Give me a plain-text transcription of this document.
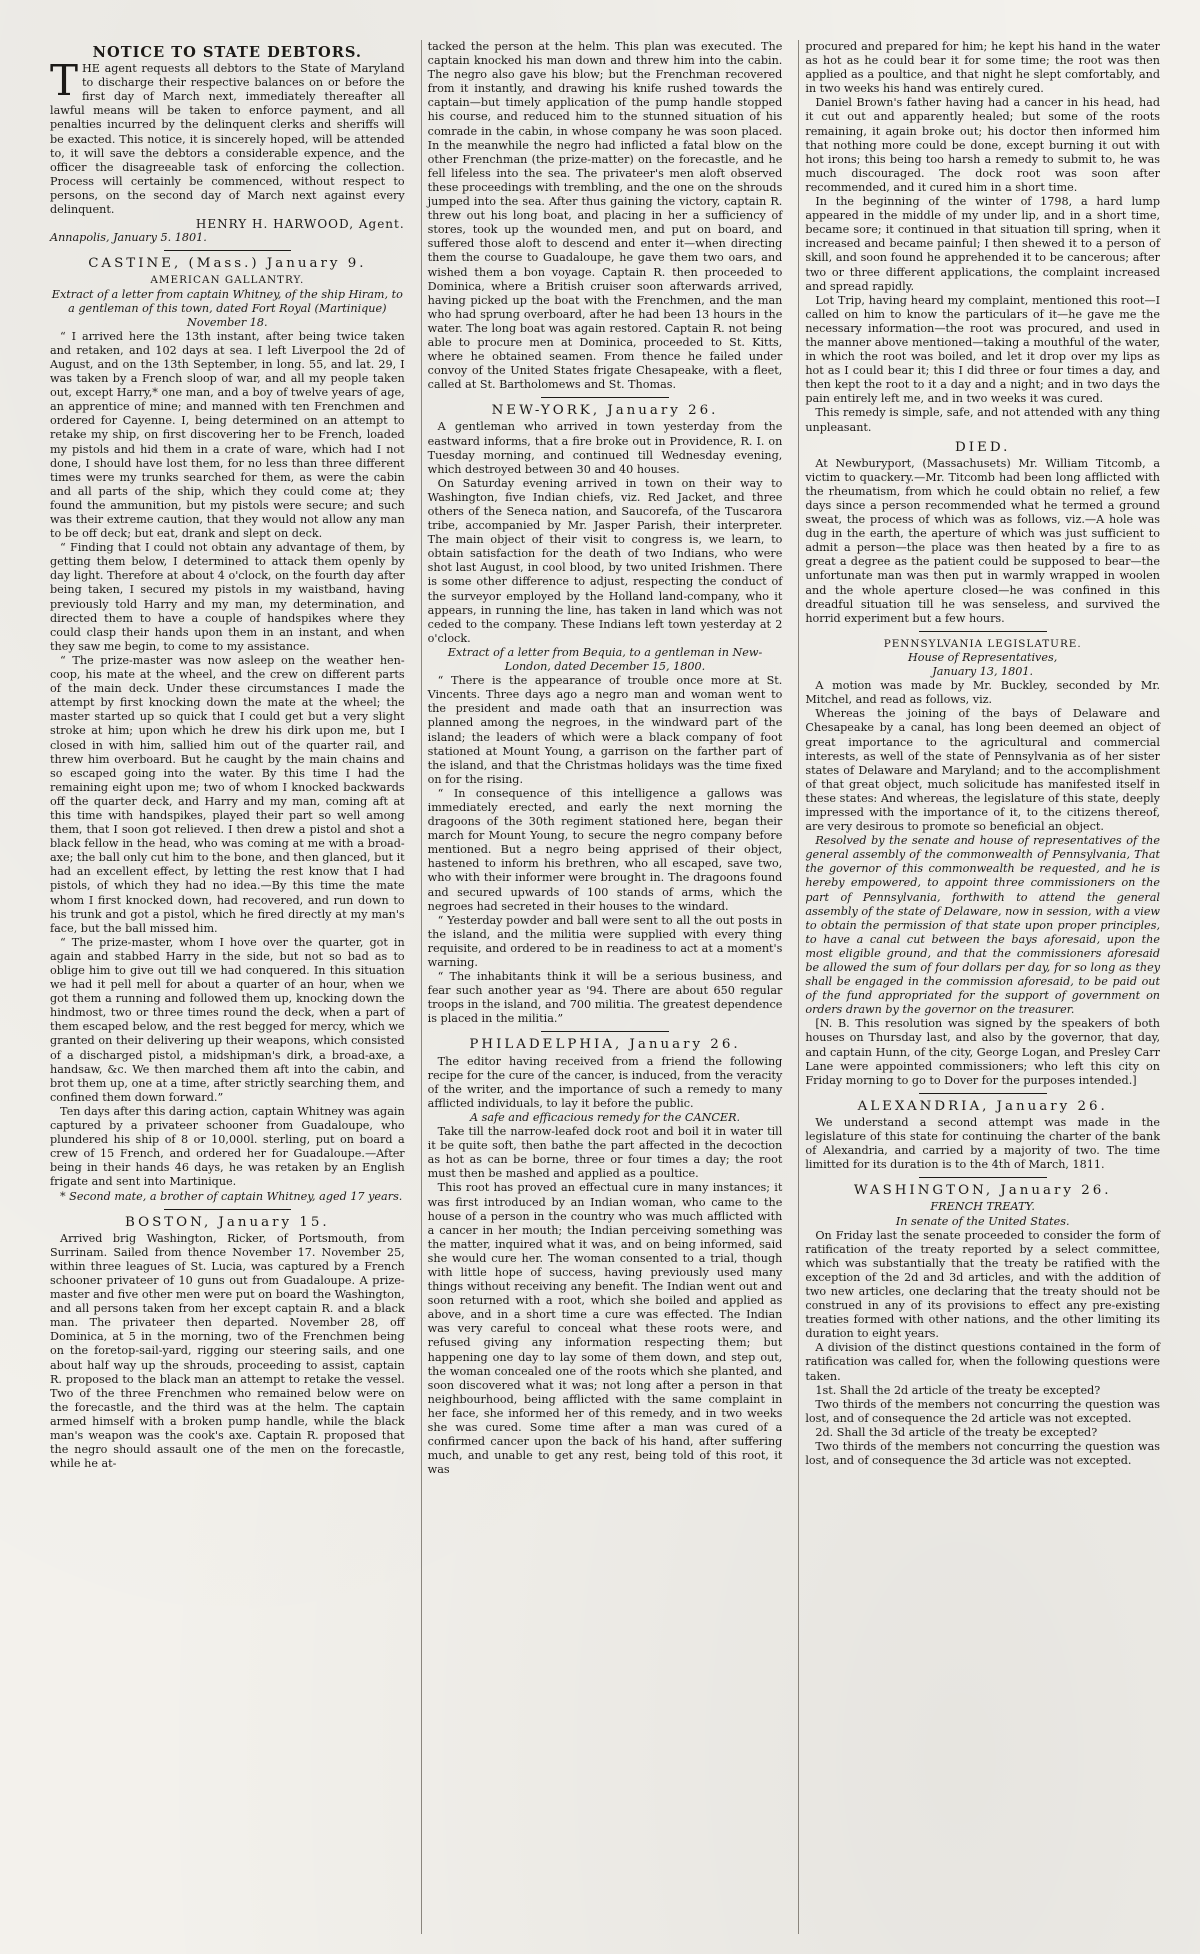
NOTICE TO STATE DEBTORS.

THE agent requests all debtors to the State of Maryland to discharge their respective balances on or before the first day of March next, immediately thereafter all lawful means will be taken to enforce payment, and all penalties incurred by the delinquent clerks and sheriffs will be exacted. This notice, it is sincerely hoped, will be attended to, it will save the debtors a considerable expence, and the officer the disagreeable task of enforcing the collection. Process will certainly be commenced, without respect to persons, on the second day of March next against every delinquent.

HENRY H. HARWOOD, Agent.

Annapolis, January 5. 1801.

CASTINE, (Mass.) January 9.
AMERICAN GALLANTRY.

Extract of a letter from captain Whitney, of the ship Hiram, to a gentleman of this town, dated Fort Royal (Martinique) November 18.

“ I arrived here the 13th instant, after being twice taken and retaken, and 102 days at sea. I left Liverpool the 2d of August, and on the 13th September, in long. 55, and lat. 29, I was taken by a French sloop of war, and all my people taken out, except Harry,* one man, and a boy of twelve years of age, an apprentice of mine; and manned with ten Frenchmen and ordered for Cayenne. I, being determined on an attempt to retake my ship, on first discovering her to be French, loaded my pistols and hid them in a crate of ware, which had I not done, I should have lost them, for no less than three different times were my trunks searched for them, as were the cabin and all parts of the ship, which they could come at; they found the ammunition, but my pistols were secure; and such was their extreme caution, that they would not allow any man to be off deck; but eat, drank and slept on deck.

“ Finding that I could not obtain any advantage of them, by getting them below, I determined to attack them openly by day light. Therefore at about 4 o'clock, on the fourth day after being taken, I secured my pistols in my waistband, having previously told Harry and my man, my determination, and directed them to have a couple of handspikes where they could clasp their hands upon them in an instant, and when they saw me begin, to come to my assistance.

“ The prize-master was now asleep on the weather hen-coop, his mate at the wheel, and the crew on different parts of the main deck. Under these circumstances I made the attempt by first knocking down the mate at the wheel; the master started up so quick that I could get but a very slight stroke at him; upon which he drew his dirk upon me, but I closed in with him, sallied him out of the quarter rail, and threw him overboard. But he caught by the main chains and so escaped going into the water. By this time I had the remaining eight upon me; two of whom I knocked backwards off the quarter deck, and Harry and my man, coming aft at this time with handspikes, played their part so well among them, that I soon got relieved. I then drew a pistol and shot a black fellow in the head, who was coming at me with a broad-axe; the ball only cut him to the bone, and then glanced, but it had an excellent effect, by letting the rest know that I had pistols, of which they had no idea.—By this time the mate whom I first knocked down, had recovered, and run down to his trunk and got a pistol, which he fired directly at my man's face, but the ball missed him.

“ The prize-master, whom I hove over the quarter, got in again and stabbed Harry in the side, but not so bad as to oblige him to give out till we had conquered. In this situation we had it pell mell for about a quarter of an hour, when we got them a running and followed them up, knocking down the hindmost, two or three times round the deck, when a part of them escaped below, and the rest begged for mercy, which we granted on their delivering up their weapons, which consisted of a discharged pistol, a midshipman's dirk, a broad-axe, a handsaw, &c. We then marched them aft into the cabin, and brot them up, one at a time, after strictly searching them, and confined them down forward.”

Ten days after this daring action, captain Whitney was again captured by a privateer schooner from Guadaloupe, who plundered his ship of 8 or 10,000l. sterling, put on board a crew of 15 French, and ordered her for Guadaloupe.—After being in their hands 46 days, he was retaken by an English frigate and sent into Martinique.

* Second mate, a brother of captain Whitney, aged 17 years.

BOSTON, January 15.

Arrived brig Washington, Ricker, of Portsmouth, from Surrinam. Sailed from thence November 17. November 25, within three leagues of St. Lucia, was captured by a French schooner privateer of 10 guns out from Guadaloupe. A prize-master and five other men were put on board the Washington, and all persons taken from her except captain R. and a black man. The privateer then departed. November 28, off Dominica, at 5 in the morning, two of the Frenchmen being on the foretop-sail-yard, rigging our steering sails, and one about half way up the shrouds, proceeding to assist, captain R. proposed to the black man an attempt to retake the vessel. Two of the three Frenchmen who remained below were on the forecastle, and the third was at the helm. The captain armed himself with a broken pump handle, while the black man's weapon was the cook's axe. Captain R. proposed that the negro should assault one of the men on the forecastle, while he at-

tacked the person at the helm. This plan was executed. The captain knocked his man down and threw him into the cabin. The negro also gave his blow; but the Frenchman recovered from it instantly, and drawing his knife rushed towards the captain—but timely application of the pump handle stopped his course, and reduced him to the stunned situation of his comrade in the cabin, in whose company he was soon placed. In the meanwhile the negro had inflicted a fatal blow on the other Frenchman (the prize-matter) on the forecastle, and he fell lifeless into the sea. The privateer's men aloft observed these proceedings with trembling, and the one on the shrouds jumped into the sea. After thus gaining the victory, captain R. threw out his long boat, and placing in her a sufficiency of stores, took up the wounded men, and put on board, and suffered those aloft to descend and enter it—when directing them the course to Guadaloupe, he gave them two oars, and wished them a bon voyage. Captain R. then proceeded to Dominica, where a British cruiser soon afterwards arrived, having picked up the boat with the Frenchmen, and the man who had sprung overboard, after he had been 13 hours in the water. The long boat was again restored. Captain R. not being able to procure men at Dominica, proceeded to St. Kitts, where he obtained seamen. From thence he failed under convoy of the United States frigate Chesapeake, with a fleet, called at St. Bartholomews and St. Thomas.

NEW-YORK, January 26.

A gentleman who arrived in town yesterday from the eastward informs, that a fire broke out in Providence, R. I. on Tuesday morning, and continued till Wednesday evening, which destroyed between 30 and 40 houses.

On Saturday evening arrived in town on their way to Washington, five Indian chiefs, viz. Red Jacket, and three others of the Seneca nation, and Saucorefa, of the Tuscarora tribe, accompanied by Mr. Jasper Parish, their interpreter. The main object of their visit to congress is, we learn, to obtain satisfaction for the death of two Indians, who were shot last August, in cool blood, by two united Irishmen. There is some other difference to adjust, respecting the conduct of the surveyor employed by the Holland land-company, who it appears, in running the line, has taken in land which was not ceded to the company. These Indians left town yesterday at 2 o'clock.

Extract of a letter from Bequia, to a gentleman in New-London, dated December 15, 1800.

“ There is the appearance of trouble once more at St. Vincents. Three days ago a negro man and woman went to the president and made oath that an insurrection was planned among the negroes, in the windward part of the island; the leaders of which were a black company of foot stationed at Mount Young, a garrison on the farther part of the island, and that the Christmas holidays was the time fixed on for the rising.

“ In consequence of this intelligence a gallows was immediately erected, and early the next morning the dragoons of the 30th regiment stationed here, began their march for Mount Young, to secure the negro company before mentioned. But a negro being apprised of their object, hastened to inform his brethren, who all escaped, save two, who with their informer were brought in. The dragoons found and secured upwards of 100 stands of arms, which the negroes had secreted in their houses to the windard.

“ Yesterday powder and ball were sent to all the out posts in the island, and the militia were supplied with every thing requisite, and ordered to be in readiness to act at a moment's warning.

“ The inhabitants think it will be a serious business, and fear such another year as '94. There are about 650 regular troops in the island, and 700 militia. The greatest dependence is placed in the militia.”

PHILADELPHIA, January 26.

The editor having received from a friend the following recipe for the cure of the cancer, is induced, from the veracity of the writer, and the importance of such a remedy to many afflicted individuals, to lay it before the public.

A safe and efficacious remedy for the CANCER.

Take till the narrow-leafed dock root and boil it in water till it be quite soft, then bathe the part affected in the decoction as hot as can be borne, three or four times a day; the root must then be mashed and applied as a poultice.

This root has proved an effectual cure in many instances; it was first introduced by an Indian woman, who came to the house of a person in the country who was much afflicted with a cancer in her mouth; the Indian perceiving something was the matter, inquired what it was, and on being informed, said she would cure her. The woman consented to a trial, though with little hope of success, having previously used many things without receiving any benefit. The Indian went out and soon returned with a root, which she boiled and applied as above, and in a short time a cure was effected. The Indian was very careful to conceal what these roots were, and refused giving any information respecting them; but happening one day to lay some of them down, and step out, the woman concealed one of the roots which she planted, and soon discovered what it was; not long after a person in that neighbourhood, being afflicted with the same complaint in her face, she informed her of this remedy, and in two weeks she was cured. Some time after a man was cured of a confirmed cancer upon the back of his hand, after suffering much, and unable to get any rest, being told of this root, it was

procured and prepared for him; he kept his hand in the water as hot as he could bear it for some time; the root was then applied as a poultice, and that night he slept comfortably, and in two weeks his hand was entirely cured.

Daniel Brown's father having had a cancer in his head, had it cut out and apparently healed; but some of the roots remaining, it again broke out; his doctor then informed him that nothing more could be done, except burning it out with hot irons; this being too harsh a remedy to submit to, he was much discouraged. The dock root was soon after recommended, and it cured him in a short time.

In the beginning of the winter of 1798, a hard lump appeared in the middle of my under lip, and in a short time, became sore; it continued in that situation till spring, when it increased and became painful; I then shewed it to a person of skill, and soon found he apprehended it to be cancerous; after two or three different applications, the complaint increased and spread rapidly.

Lot Trip, having heard my complaint, mentioned this root—I called on him to know the particulars of it—he gave me the necessary information—the root was procured, and used in the manner above mentioned—taking a mouthful of the water, in which the root was boiled, and let it drop over my lips as hot as I could bear it; this I did three or four times a day, and then kept the root to it a day and a night; and in two days the pain entirely left me, and in two weeks it was cured.

This remedy is simple, safe, and not attended with any thing unpleasant.

DIED.

At Newburyport, (Massachusets) Mr. William Titcomb, a victim to quackery.—Mr. Titcomb had been long afflicted with the rheumatism, from which he could obtain no relief, a few days since a person recommended what he termed a ground sweat, the process of which was as follows, viz.—A hole was dug in the earth, the aperture of which was just sufficient to admit a person—the place was then heated by a fire to as great a degree as the patient could be supposed to bear—the unfortunate man was then put in warmly wrapped in woolen and the whole aperture closed—he was confined in this dreadful situation till he was senseless, and survived the horrid experiment but a few hours.

PENNSYLVANIA LEGISLATURE.

House of Representatives,

January 13, 1801.

A motion was made by Mr. Buckley, seconded by Mr. Mitchel, and read as follows, viz.

Whereas the joining of the bays of Delaware and Chesapeake by a canal, has long been deemed an object of great importance to the agricultural and commercial interests, as well of the state of Pennsylvania as of her sister states of Delaware and Maryland; and to the accomplishment of that great object, much solicitude has manifested itself in these states: And whereas, the legislature of this state, deeply impressed with the importance of it, to the citizens thereof, are very desirous to promote so beneficial an object.

Resolved by the senate and house of representatives of the general assembly of the commonwealth of Pennsylvania, That the governor of this commonwealth be requested, and he is hereby empowered, to appoint three commissioners on the part of Pennsylvania, forthwith to attend the general assembly of the state of Delaware, now in session, with a view to obtain the permission of that state upon proper principles, to have a canal cut between the bays aforesaid, upon the most eligible ground, and that the commissioners aforesaid be allowed the sum of four dollars per day, for so long as they shall be engaged in the commission aforesaid, to be paid out of the fund appropriated for the support of government on orders drawn by the governor on the treasurer.

[N. B. This resolution was signed by the speakers of both houses on Thursday last, and also by the governor, that day, and captain Hunn, of the city, George Logan, and Presley Carr Lane were appointed commissioners; who left this city on Friday morning to go to Dover for the purposes intended.]

ALEXANDRIA, January 26.

We understand a second attempt was made in the legislature of this state for continuing the charter of the bank of Alexandria, and carried by a majority of two. The time limitted for its duration is to the 4th of March, 1811.

WASHINGTON, January 26.

FRENCH TREATY.

In senate of the United States.

On Friday last the senate proceeded to consider the form of ratification of the treaty reported by a select committee, which was substantially that the treaty be ratified with the exception of the 2d and 3d articles, and with the addition of two new articles, one declaring that the treaty should not be construed in any of its provisions to effect any pre-existing treaties formed with other nations, and the other limiting its duration to eight years.

A division of the distinct questions contained in the form of ratification was called for, when the following questions were taken.

1st. Shall the 2d article of the treaty be excepted?

Two thirds of the members not concurring the question was lost, and of consequence the 2d article was not excepted.

2d. Shall the 3d article of the treaty be excepted?

Two thirds of the members not concurring the question was lost, and of consequence the 3d article was not excepted.
